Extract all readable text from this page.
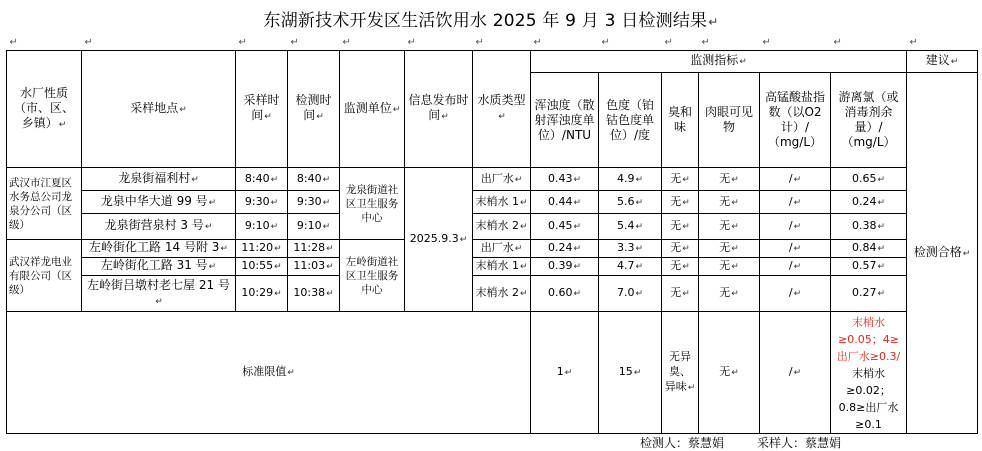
东湖新技术开发区生活饮用水 2025 年 9 月 3 日检测结果↵
↵	↵	↵	↵	↵	↵	↵	↵	↵	↵	↵	↵	↵	↵
水厂性质（市、区、乡镇）↵	采样地点↵	采样时间↵	检测时间↵	监测单位↵	信息发布时间↵	水质类型↵	监测指标↵						建议↵
							浑浊度（散射浑浊度单位）/NTU	色度（铂钴色度单位）/度	臭和味	肉眼可见物	高锰酸盐指数（以O2计）/（mg/L）	游离氯（或消毒剂余量）/（mg/L）	检测合格↵
武汉市江夏区水务总公司龙泉分公司（区级）	龙泉街福利村↵	8:40↵	8:40↵	龙泉街道社区卫生服务中心	2025.9.3↵	出厂水↵	0.43↵	4.9↵	无↵	无↵	/↵	0.65↵	
	龙泉中华大道 99 号↵	9:30↵	9:30↵			末梢水 1↵	0.44↵	5.6↵	无↵	无↵	/↵	0.24↵	
	龙泉街营泉村 3 号↵	9:10↵	9:10↵			末梢水 2↵	0.45↵	5.4↵	无↵	无↵	/↵	0.38↵	
武汉祥龙电业有限公司（区级）	左岭街化工路 14 号附 3↵	11:20↵	11:28↵	左岭街道社区卫生服务中心		出厂水↵	0.24↵	3.3↵	无↵	无↵	/↵	0.84↵	
	左岭街化工路 31 号↵	10:55↵	11:03↵			末梢水 1↵	0.39↵	4.7↵	无↵	无↵	/↵	0.57↵	
	左岭街吕墩村老七屋 21 号↵	10:29↵	10:38↵			末梢水 2↵	0.60↵	7.0↵	无↵	无↵	/↵	0.27↵	
标准限值↵							1↵	15↵	无异臭、异味↵	无↵	/↵	末梢水≥0.05；4≥出厂水≥0.3/
末梢水≥0.02；0.8≥出厂水≥0.1	
检测人：蔡慧娟	采样人：蔡慧娟
